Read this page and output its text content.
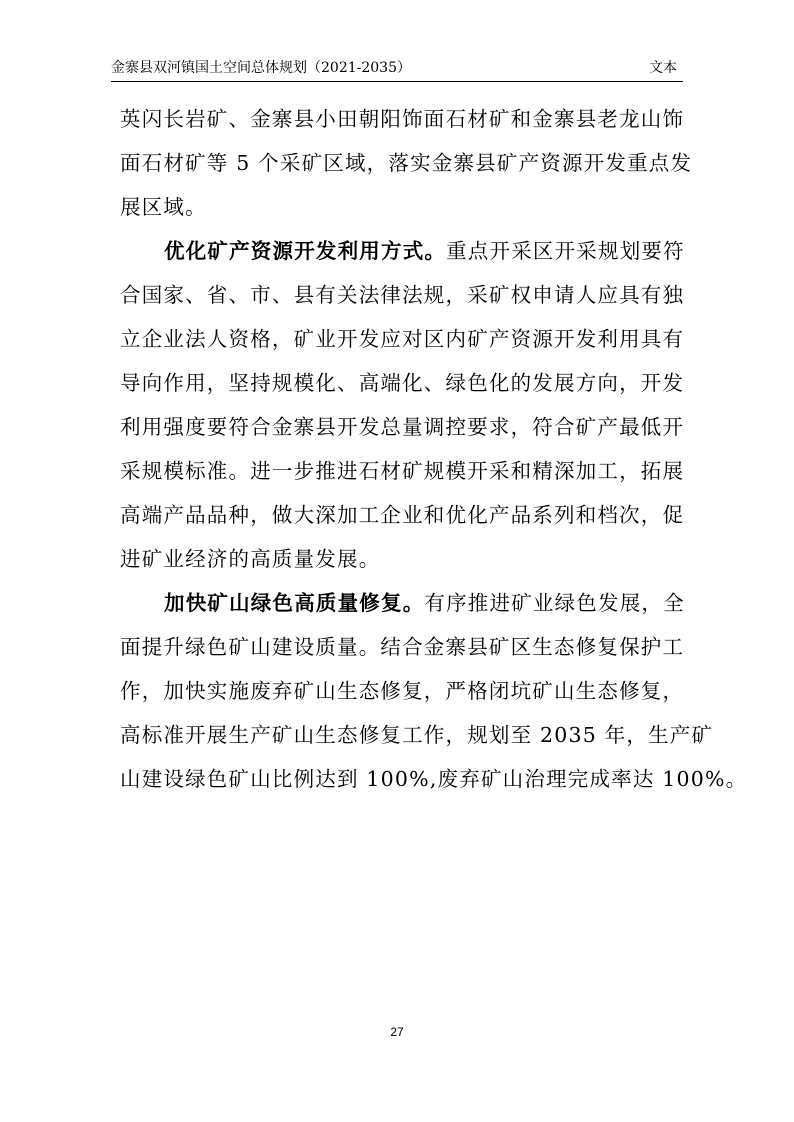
金寨县双河镇国土空间总体规划（2021-2035）	文本
英闪长岩矿、金寨县小田朝阳饰面石材矿和金寨县老龙山饰
面石材矿等 5 个采矿区域，落实金寨县矿产资源开发重点发
展区域。
优化矿产资源开发利用方式。重点开采区开采规划要符
合国家、省、市、县有关法律法规，采矿权申请人应具有独
立企业法人资格，矿业开发应对区内矿产资源开发利用具有
导向作用，坚持规模化、高端化、绿色化的发展方向，开发
利用强度要符合金寨县开发总量调控要求，符合矿产最低开
采规模标准。进一步推进石材矿规模开采和精深加工，拓展
高端产品品种，做大深加工企业和优化产品系列和档次，促
进矿业经济的高质量发展。
加快矿山绿色高质量修复。有序推进矿业绿色发展，全
面提升绿色矿山建设质量。结合金寨县矿区生态修复保护工
作，加快实施废弃矿山生态修复，严格闭坑矿山生态修复，
高标准开展生产矿山生态修复工作，规划至 2035 年，生产矿
山建设绿色矿山比例达到 100%,废弃矿山治理完成率达 100%。
27
